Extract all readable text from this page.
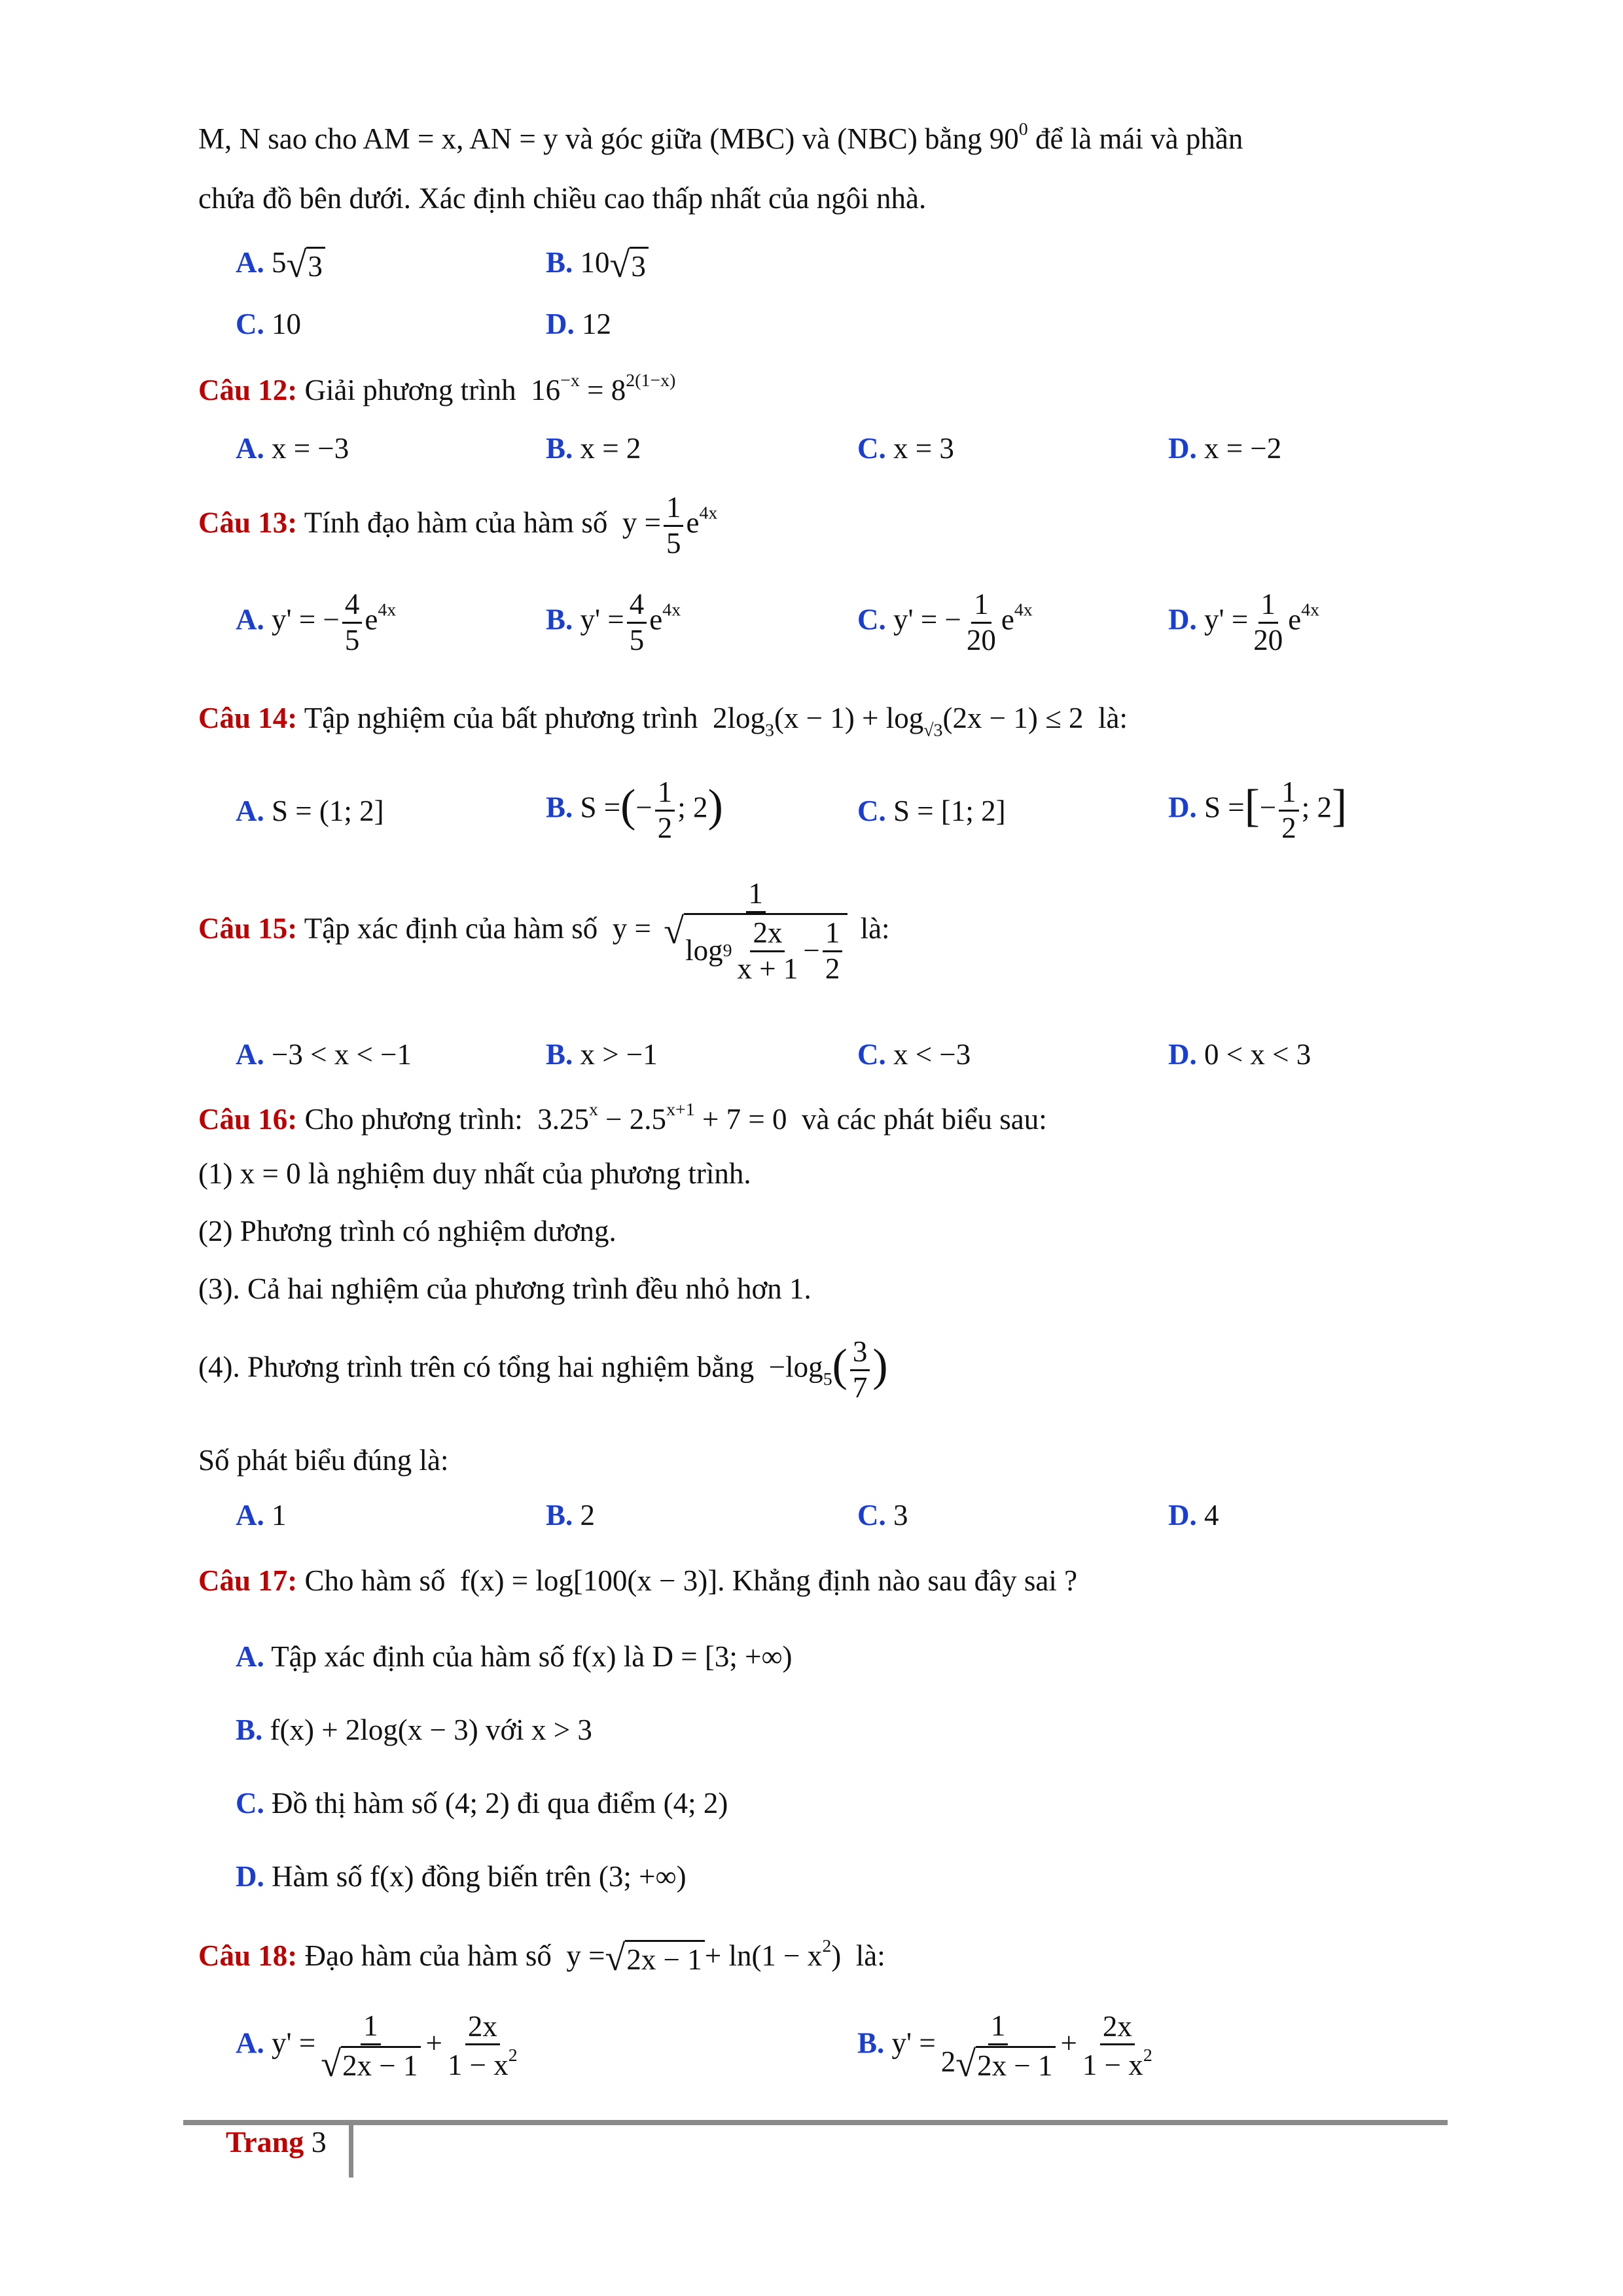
M, N sao cho AM = x, AN = y và góc giữa (MBC) và (NBC) bằng $90^0$ để là mái và phần
chứa đồ bên dưới. Xác định chiều cao thấp nhất của ngôi nhà.
A. 5 √ 3	B. 10 √ 3
C. 10	D. 12
Câu 12: Giải phương trình $16^{-x} = 8^{2(1-x)}$
A. x = −3	B. x = 2	C. x = 3	D. x = −2
Câu 13: Tính đạo hàm của hàm số $y = \frac{1}{5} e^{4x}$
A. y' = − $\frac{4}{5} e^{4x}$	B. $y' = \frac{4}{5} e^{4x}$	C. y' = − $\frac{1}{20} e^{4x}$	D. $y' = \frac{1}{20} e^{4x}$
Câu 14: Tập nghiệm của bất phương trình $2\log_3(x - 1) + \log_{√3}(2x - 1) \le 2$ là:
A. S = (1; 2]	B. S =(− $\frac{1}{2}$ ; 2)	C. S = [1; 2]	D. S =[− $\frac{1}{2}$ ; 2]
Câu 15: Tập xác định của hàm số $y = \frac{1}{√ \log 9 \frac{2x}{x + 1} - \frac{1}{2}}$ là:
A. −3 < x < −1	B. x > −1	C. x < −3	D. 0 < x < 3
Câu 16: Cho phương trình: $3.25^x - 2.5^{x+1} + 7 = 0$ và các phát biểu sau:
(1) x = 0 là nghiệm duy nhất của phương trình.
(2) Phương trình có nghiệm dương.
(3). Cả hai nghiệm của phương trình đều nhỏ hơn 1.
(4). Phương trình trên có tổng hai nghiệm bằng $-\log_5( \frac{3}{7}$ )
Số phát biểu đúng là:
A. 1	B. 2	C. 3	D. 4
Câu 17: Cho hàm số f(x) = log[100(x − 3)]. Khẳng định nào sau đây sai ?
A. Tập xác định của hàm số f(x) là D = [3; +∞)
B. f(x) + 2log(x − 3) với x > 3
C. Đồ thị hàm số (4; 2) đi qua điểm (4; 2)
D. Hàm số f(x) đồng biến trên (3; +∞)
Câu 18: Đạo hàm của hàm số y = √ $2x - 1 + \ln(1 - x^2)$ là:
A. $y' = \frac{1}{√ 2x - 1} + \frac{2x}{1 - x^2}$	B. $y' = \frac{1}{2 √ 2x - 1} + \frac{2x}{1 - x^2}$
Trang 3
